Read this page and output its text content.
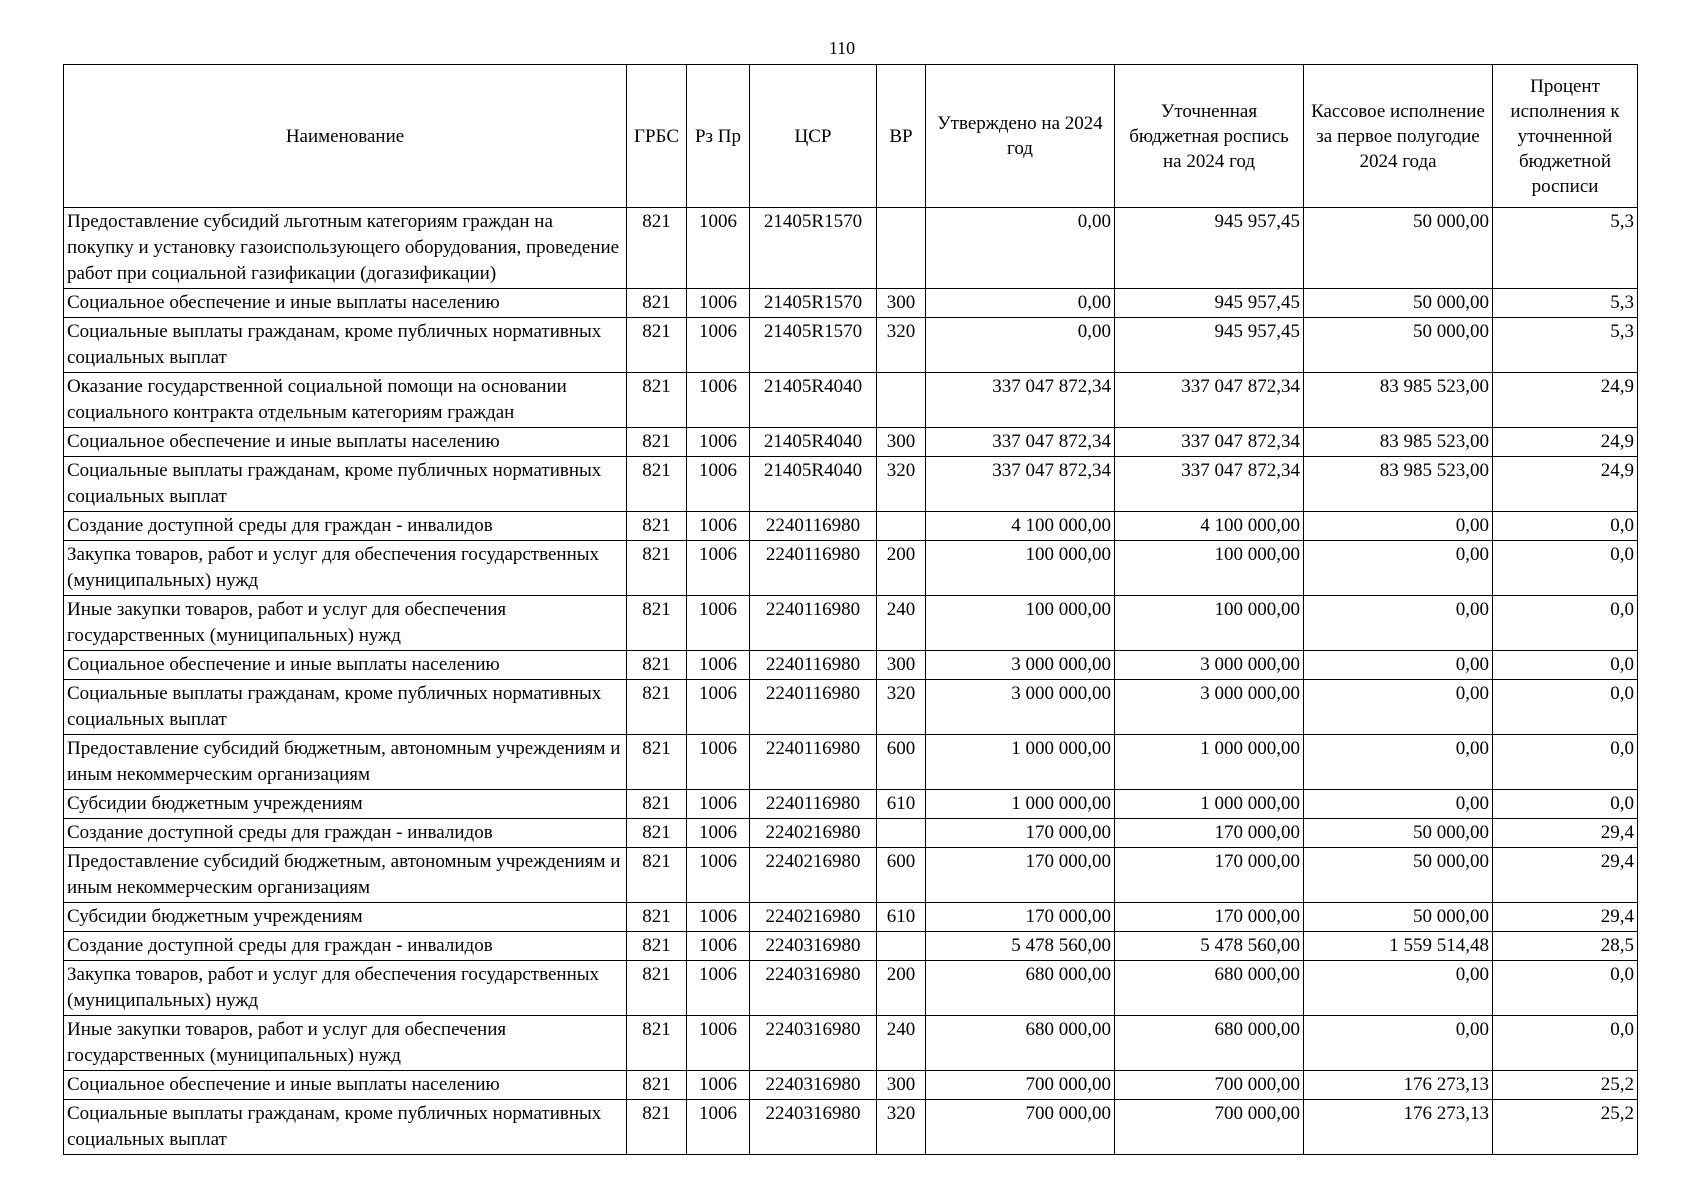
110
Наименование	ГРБС	Рз Пр	ЦСР	ВР	Утверждено на 2024 год	Уточненная бюджетная роспись на 2024 год	Кассовое исполнение за первое полугодие 2024 года	Процент исполнения к уточненной бюджетной росписи
Предоставление субсидий льготным категориям граждан на покупку и установку газоиспользующего оборудования, проведение работ при социальной газификации (догазификации)	821	1006	21405R1570		0,00	945 957,45	50 000,00	5,3
Социальное обеспечение и иные выплаты населению	821	1006	21405R1570	300	0,00	945 957,45	50 000,00	5,3
Социальные выплаты гражданам, кроме публичных нормативных социальных выплат	821	1006	21405R1570	320	0,00	945 957,45	50 000,00	5,3
Оказание государственной социальной помощи на основании социального контракта отдельным категориям граждан	821	1006	21405R4040		337 047 872,34	337 047 872,34	83 985 523,00	24,9
Социальное обеспечение и иные выплаты населению	821	1006	21405R4040	300	337 047 872,34	337 047 872,34	83 985 523,00	24,9
Социальные выплаты гражданам, кроме публичных нормативных социальных выплат	821	1006	21405R4040	320	337 047 872,34	337 047 872,34	83 985 523,00	24,9
Создание доступной среды для граждан - инвалидов	821	1006	2240116980		4 100 000,00	4 100 000,00	0,00	0,0
Закупка товаров, работ и услуг для обеспечения государственных (муниципальных) нужд	821	1006	2240116980	200	100 000,00	100 000,00	0,00	0,0
Иные закупки товаров, работ и услуг для обеспечения государственных (муниципальных) нужд	821	1006	2240116980	240	100 000,00	100 000,00	0,00	0,0
Социальное обеспечение и иные выплаты населению	821	1006	2240116980	300	3 000 000,00	3 000 000,00	0,00	0,0
Социальные выплаты гражданам, кроме публичных нормативных социальных выплат	821	1006	2240116980	320	3 000 000,00	3 000 000,00	0,00	0,0
Предоставление субсидий бюджетным, автономным учреждениям и иным некоммерческим организациям	821	1006	2240116980	600	1 000 000,00	1 000 000,00	0,00	0,0
Субсидии бюджетным учреждениям	821	1006	2240116980	610	1 000 000,00	1 000 000,00	0,00	0,0
Создание доступной среды для граждан - инвалидов	821	1006	2240216980		170 000,00	170 000,00	50 000,00	29,4
Предоставление субсидий бюджетным, автономным учреждениям и иным некоммерческим организациям	821	1006	2240216980	600	170 000,00	170 000,00	50 000,00	29,4
Субсидии бюджетным учреждениям	821	1006	2240216980	610	170 000,00	170 000,00	50 000,00	29,4
Создание доступной среды для граждан - инвалидов	821	1006	2240316980		5 478 560,00	5 478 560,00	1 559 514,48	28,5
Закупка товаров, работ и услуг для обеспечения государственных (муниципальных) нужд	821	1006	2240316980	200	680 000,00	680 000,00	0,00	0,0
Иные закупки товаров, работ и услуг для обеспечения государственных (муниципальных) нужд	821	1006	2240316980	240	680 000,00	680 000,00	0,00	0,0
Социальное обеспечение и иные выплаты населению	821	1006	2240316980	300	700 000,00	700 000,00	176 273,13	25,2
Социальные выплаты гражданам, кроме публичных нормативных социальных выплат	821	1006	2240316980	320	700 000,00	700 000,00	176 273,13	25,2
